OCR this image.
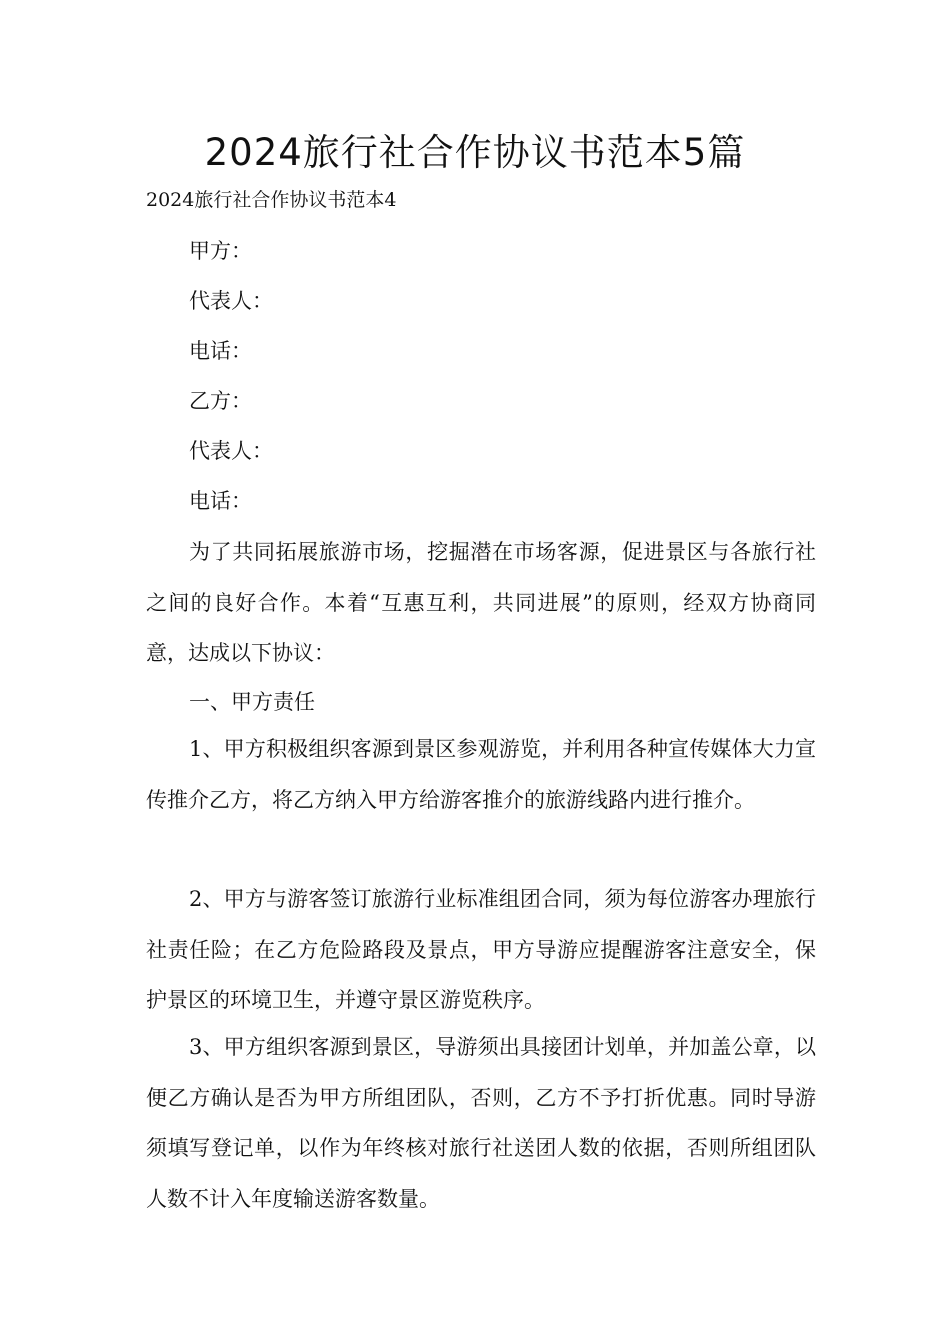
2024旅行社合作协议书范本5篇
2024旅行社合作协议书范本4
甲方：
代表人：
电话：
乙方：
代表人：
电话：
为了共同拓展旅游市场，挖掘潜在市场客源，促进景区与各旅行社之间的良好合作。本着“互惠互利，共同进展”的原则，经双方协商同意，达成以下协议：
一、甲方责任
1、甲方积极组织客源到景区参观游览，并利用各种宣传媒体大力宣传推介乙方，将乙方纳入甲方给游客推介的旅游线路内进行推介。
2、甲方与游客签订旅游行业标准组团合同，须为每位游客办理旅行社责任险；在乙方危险路段及景点，甲方导游应提醒游客注意安全，保护景区的环境卫生，并遵守景区游览秩序。
3、甲方组织客源到景区，导游须出具接团计划单，并加盖公章，以便乙方确认是否为甲方所组团队，否则，乙方不予打折优惠。同时导游须填写登记单，以作为年终核对旅行社送团人数的依据，否则所组团队人数不计入年度输送游客数量。
